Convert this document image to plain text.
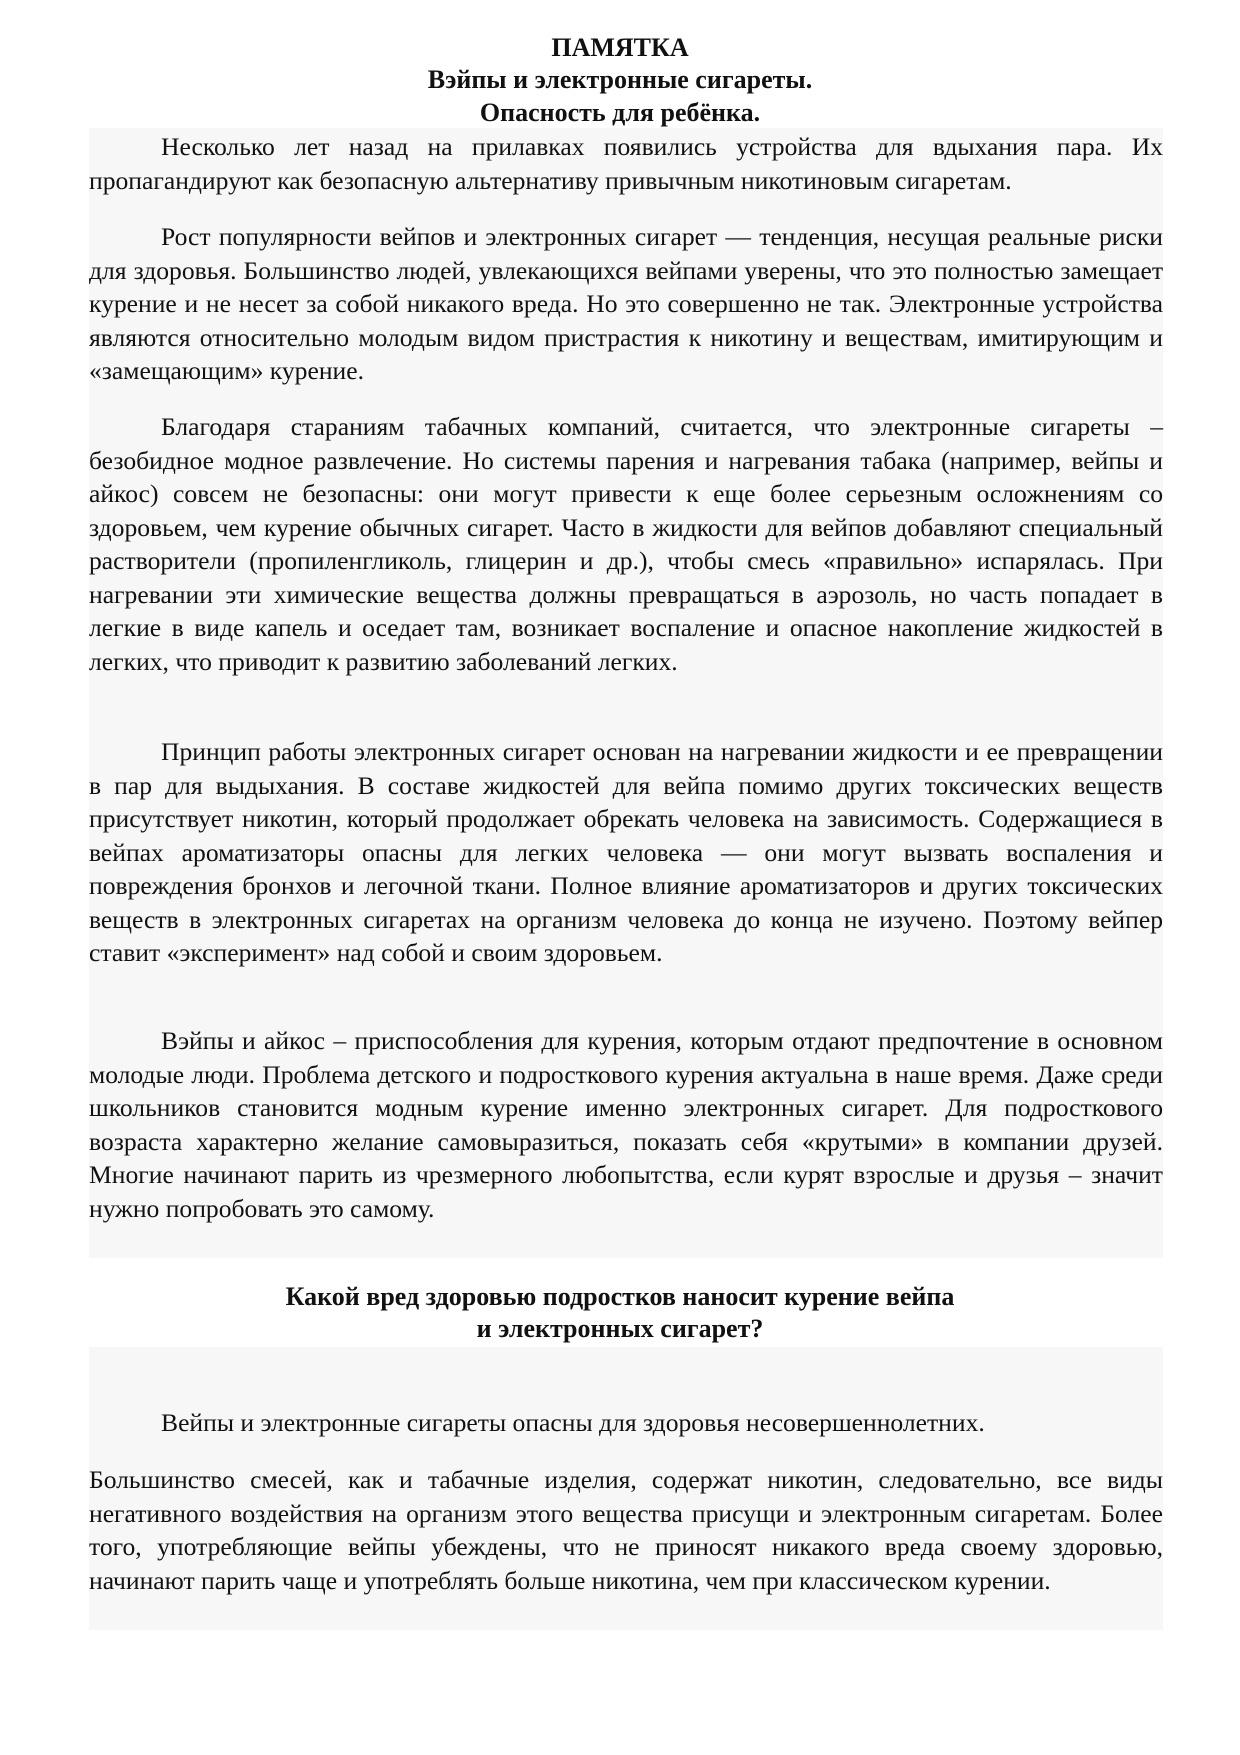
ПАМЯТКА
Вэйпы и электронные сигареты.
Опасность для ребёнка.

Несколько лет назад на прилавках появились устройства для вдыхания пара. Их пропагандируют как безопасную альтернативу привычным никотиновым сигаретам.

Рост популярности вейпов и электронных сигарет — тенденция, несущая реальные риски для здоровья. Большинство людей, увлекающихся вейпами уверены, что это полностью замещает курение и не несет за собой никакого вреда. Но это совершенно не так. Электронные устройства являются относительно молодым видом пристрастия к никотину и веществам, имитирующим и «замещающим» курение.

Благодаря стараниям табачных компаний, считается, что электронные сигареты – безобидное модное развлечение. Но системы парения и нагревания табака (например, вейпы и айкос) совсем не безопасны: они могут привести к еще более серьезным осложнениям со здоровьем, чем курение обычных сигарет. Часто в жидкости для вейпов добавляют специальный растворители (пропиленгликоль, глицерин и др.), чтобы смесь «правильно» испарялась. При нагревании эти химические вещества должны превращаться в аэрозоль, но часть попадает в легкие в виде капель и оседает там, возникает воспаление и опасное накопление жидкостей в легких, что приводит к развитию заболеваний легких.

Принцип работы электронных сигарет основан на нагревании жидкости и ее превращении в пар для выдыхания. В составе жидкостей для вейпа помимо других токсических веществ присутствует никотин, который продолжает обрекать человека на зависимость. Содержащиеся в вейпах ароматизаторы опасны для легких человека — они могут вызвать воспаления и повреждения бронхов и легочной ткани. Полное влияние ароматизаторов и других токсических веществ в электронных сигаретах на организм человека до конца не изучено. Поэтому вейпер ставит «эксперимент» над собой и своим здоровьем.

Вэйпы и айкос – приспособления для курения, которым отдают предпочтение в основном молодые люди. Проблема детского и подросткового курения актуальна в наше время. Даже среди школьников становится модным курение именно электронных сигарет. Для подросткового возраста характерно желание самовыразиться, показать себя «крутыми» в компании друзей. Многие начинают парить из чрезмерного любопытства, если курят взрослые и друзья – значит нужно попробовать это самому.

Какой вред здоровью подростков наносит курение вейпа
и электронных сигарет?

Вейпы и электронные сигареты опасны для здоровья несовершеннолетних.

Большинство смесей, как и табачные изделия, содержат никотин, следовательно, все виды негативного воздействия на организм этого вещества присущи и электронным сигаретам. Более того, употребляющие вейпы убеждены, что не приносят никакого вреда своему здоровью, начинают парить чаще и употреблять больше никотина, чем при классическом курении.
